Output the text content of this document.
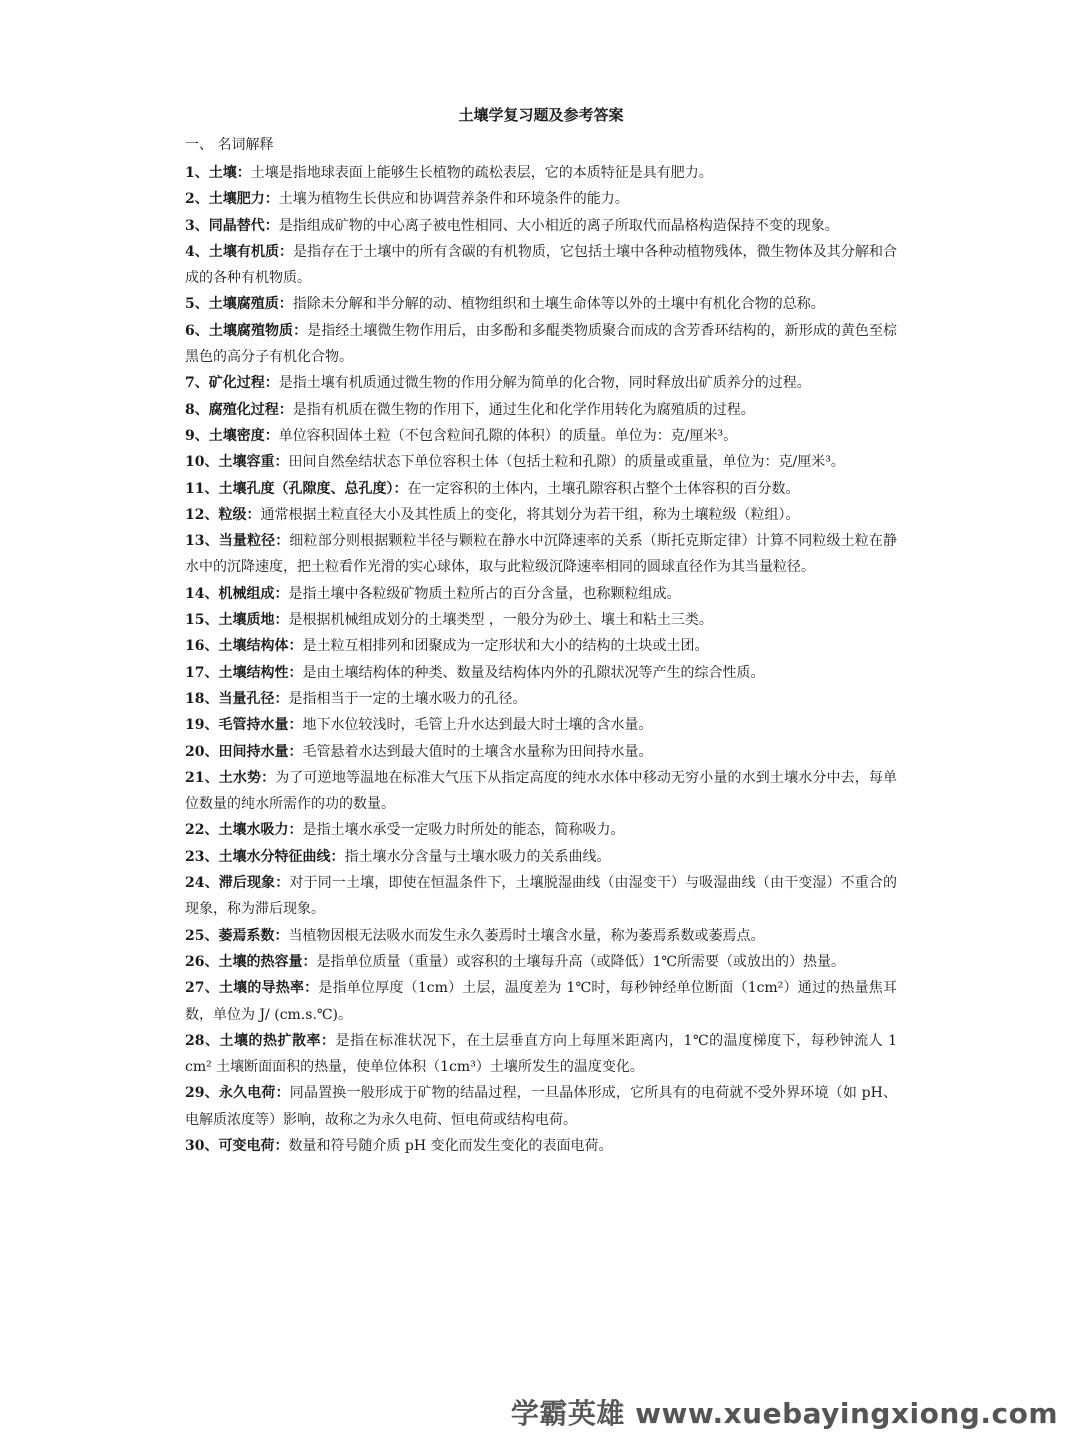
土壤学复习题及参考答案
一、 名词解释

1、土壤：土壤是指地球表面上能够生长植物的疏松表层，它的本质特征是具有肥力。

2、土壤肥力：土壤为植物生长供应和协调营养条件和环境条件的能力。

3、同晶替代：是指组成矿物的中心离子被电性相同、大小相近的离子所取代而晶格构造保持不变的现象。

4、土壤有机质：是指存在于土壤中的所有含碳的有机物质，它包括土壤中各种动植物残体，微生物体及其分解和合成的各种有机物质。

5、土壤腐殖质：指除未分解和半分解的动、植物组织和土壤生命体等以外的土壤中有机化合物的总称。

6、土壤腐殖物质：是指经土壤微生物作用后，由多酚和多醌类物质聚合而成的含芳香环结构的，新形成的黄色至棕黑色的高分子有机化合物。

7、矿化过程：是指土壤有机质通过微生物的作用分解为简单的化合物，同时释放出矿质养分的过程。

8、腐殖化过程：是指有机质在微生物的作用下，通过生化和化学作用转化为腐殖质的过程。

9、土壤密度：单位容积固体土粒（不包含粒间孔隙的体积）的质量。单位为：克/厘米³。

10、土壤容重：田间自然垒结状态下单位容积土体（包括土粒和孔隙）的质量或重量，单位为：克/厘米³。

11、土壤孔度（孔隙度、总孔度）：在一定容积的土体内，土壤孔隙容积占整个土体容积的百分数。

12、粒级：通常根据土粒直径大小及其性质上的变化，将其划分为若干组，称为土壤粒级（粒组）。

13、当量粒径：细粒部分则根据颗粒半径与颗粒在静水中沉降速率的关系（斯托克斯定律）计算不同粒级土粒在静水中的沉降速度，把土粒看作光滑的实心球体，取与此粒级沉降速率相同的圆球直径作为其当量粒径。

14、机械组成：是指土壤中各粒级矿物质土粒所占的百分含量，也称颗粒组成。

15、土壤质地：是根据机械组成划分的土壤类型 ，一般分为砂土、壤土和粘土三类。

16、土壤结构体：是土粒互相排列和团聚成为一定形状和大小的结构的土块或土团。

17、土壤结构性：是由土壤结构体的种类、数量及结构体内外的孔隙状况等产生的综合性质。

18、当量孔径：是指相当于一定的土壤水吸力的孔径。

19、毛管持水量：地下水位较浅时，毛管上升水达到最大时土壤的含水量。

20、田间持水量：毛管悬着水达到最大值时的土壤含水量称为田间持水量。

21、土水势：为了可逆地等温地在标准大气压下从指定高度的纯水水体中移动无穷小量的水到土壤水分中去，每单位数量的纯水所需作的功的数量。

22、土壤水吸力：是指土壤水承受一定吸力时所处的能态，简称吸力。

23、土壤水分特征曲线：指土壤水分含量与土壤水吸力的关系曲线。

24、滞后现象：对于同一土壤，即使在恒温条件下，土壤脱湿曲线（由湿变干）与吸湿曲线（由干变湿）不重合的现象，称为滞后现象。

25、萎焉系数：当植物因根无法吸水而发生永久萎焉时土壤含水量，称为萎焉系数或萎焉点。

26、土壤的热容量：是指单位质量（重量）或容积的土壤每升高（或降低）1℃所需要（或放出的）热量。

27、土壤的导热率：是指单位厚度（1cm）土层，温度差为 1℃时，每秒钟经单位断面（1cm²）通过的热量焦耳数，单位为 J/ (cm.s.℃)。

28、土壤的热扩散率：是指在标准状况下，在土层垂直方向上每厘米距离内，1℃的温度梯度下，每秒钟流人 1 cm² 土壤断面面积的热量，使单位体积（1cm³）土壤所发生的温度变化。

29、永久电荷：同晶置换一般形成于矿物的结晶过程，一旦晶体形成，它所具有的电荷就不受外界环境（如 pH、电解质浓度等）影响，故称之为永久电荷、恒电荷或结构电荷。

30、可变电荷：数量和符号随介质 pH 变化而发生变化的表面电荷。

学霸英雄 www.xuebayingxiong.com
